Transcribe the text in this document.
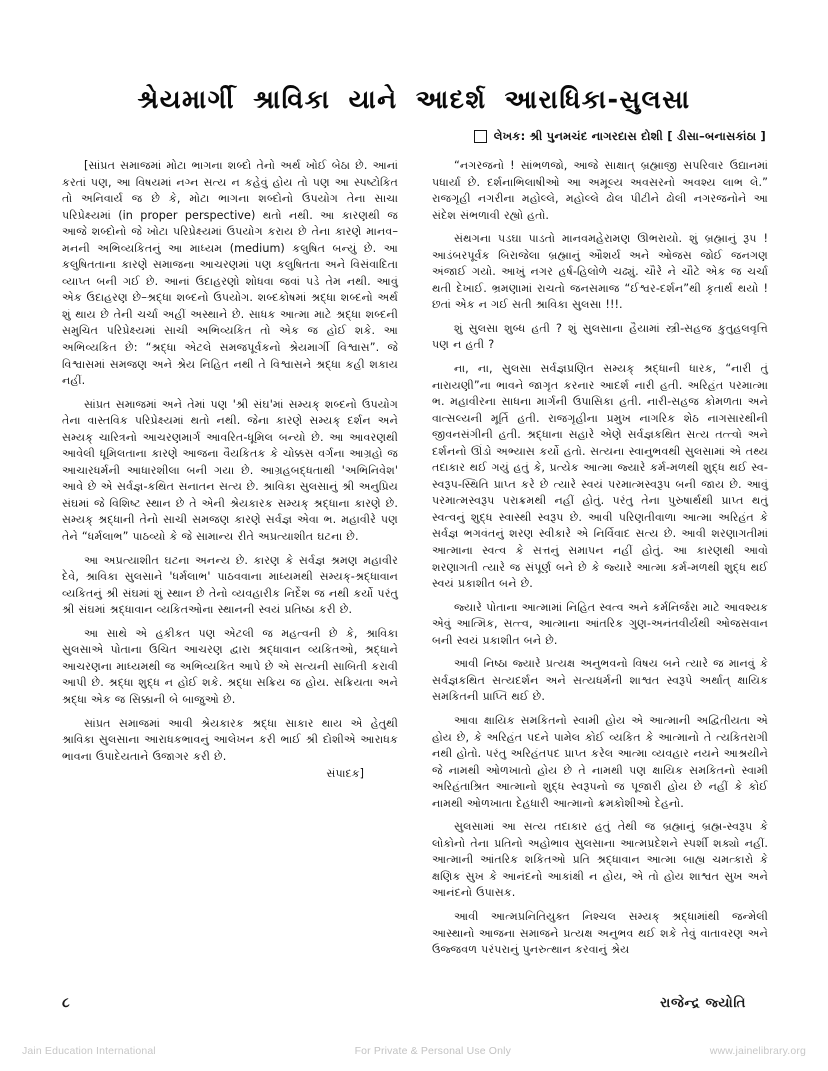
શ્રેયમાર્ગી શ્રાવિકા યાને આદર્શ આરાધિકા-સુલસા
લેખક: શ્રી પુનમચંદ નાગરદાસ દોશી [ ડીસા–બનાસકાંઠા ]

[સાંપ્રત સમાજમાં મોટા ભાગના શબ્દો તેનો અર્થ ખોઈ બેઠા છે. આનાં કરતાં પણ, આ વિષયમાં નગ્ન સત્ય ન કહેવું હોય તો પણ આ સ્પષ્ટોકિત તો અનિવાર્ય જ છે કે, મોટા ભાગના શબ્દોનો ઉપયોગ તેના સાચા પરિપ્રેક્ષ્યમાં (in proper perspective) થતો નથી. આ કારણથી જ આજે શબ્દોનો જે ખોટા પરિપ્રેક્ષ્યમાં ઉપયોગ કરાય છે તેના કારણે માનવ–મનની અભિવ્યકિતનું આ માધ્યમ (medium) કલુષિત બન્યું છે. આ કલુષિતતાના કારણે સમાજના આચરણમાં પણ કલુષિતતા અને વિસંવાદિતા વ્યાપ્ત બની ગઈ છે. આનાં ઉદાહરણો શોધવા જવાં પડે તેમ નથી. આવું એક ઉદાહરણ છે–શ્રદ્ધા શબ્દનો ઉપયોગ. શબ્દકોષમાં શ્રદ્ધા શબ્દનો અર્થ શું થાય છે તેની ચર્ચા અહીં અસ્થાને છે. સાધક આત્મા માટે શ્રદ્ધા શબ્દની સમુચિત પરિપ્રેક્ષ્યમાં સાચી અભિવ્યકિત તો એક જ હોઈ શકે. આ અભિવ્યકિત છે: “શ્રદ્ધા એટલે સમજપૂર્વકનો શ્રેયમાર્ગી વિશ્વાસ”. જે વિશ્વાસમાં સમજણ અને શ્રેય નિહિત નથી તે વિશ્વાસને શ્રદ્ધા કહી શકાય નહીં.

સાંપ્રત સમાજમાં અને તેમાં પણ 'શ્રી સંઘ'માં સમ્યક્ શબ્દનો ઉપયોગ તેના વાસ્તવિક પરિપ્રેક્ષ્યમાં થતો નથી. જેના કારણે સમ્યક્ દર્શન અને સમ્યક્ ચારિત્રનો આચરણમાર્ગ આવરિત-ધૂમિલ બન્યો છે. આ આવરણથી આવેલી ધૂમિલતાના કારણે આજના વૈયકિતક કે ચોક્કસ વર્ગના આગ્રહો જ આચારધર્મની આધારશીલા બની ગયા છે. આગ્રહબદ્ધતાથી 'અભિનિવેશ' આવે છે એ સર્વજ્ઞ-કથિત સનાતન સત્ય છે. શ્રાવિકા સુલસાનું શ્રી અનુપ્રિય સંઘમાં જે વિશિષ્ટ સ્થાન છે તે એની શ્રેયકારક સમ્યક્ શ્રદ્ધાના કારણે છે. સમ્યક્ શ્રદ્ધાની તેનો સાચી સમજણ કારણે સર્વજ્ઞ એવા ભ. મહાવીરે પણ તેને “ધર્મલાભ” પાઠવ્યો કે જે સામાન્ય રીતે અપ્રત્યાશીત ઘટના છે.

આ અપ્રત્યાશીત ઘટના અનન્ય છે. કારણ કે સર્વજ્ઞ શ્રમણ મહાવીર દેવે, શ્રાવિકા સુલસાને 'ધર્મલાભ' પાઠવવાના માધ્યમથી સમ્યક્-શ્રદ્ધાવાન વ્યકિતનું શ્રી સંઘમાં શું સ્થાન છે તેનો વ્યવહારીક નિર્દેશ જ નથી કર્યો પરંતુ શ્રી સંઘમાં શ્રદ્ધાવાન વ્યકિતઓના સ્થાનની સ્વયં પ્રતિષ્ઠા કરી છે.

આ સાથે એ હકીકત પણ એટલી જ મહત્વની છે કે, શ્રાવિકા સુલસાએ પોતાના ઉચિત આચરણ દ્વારા શ્રદ્ધાવાન વ્યકિતઓ, શ્રદ્ધાને આચરણના માધ્યમથી જ અભિવ્યકિત આપે છે એ સત્યની સાબિતી કરાવી આપી છે. શ્રદ્ધા શુદ્ધ ન હોઈ શકે. શ્રદ્ધા સક્રિય જ હોય. સક્રિયતા અને શ્રદ્ધા એક જ સિક્કાની બે બાજુઓ છે.

સાંપ્રત સમાજમાં આવી શ્રેયકારક શ્રદ્ધા સાકાર થાય એ હેતુથી શ્રાવિકા સુલસાના આરાધકભાવનું આલેખન કરી ભાઈ શ્રી દોશીએ આરાધક ભાવના ઉપાદેયતાને ઉજાગર કરી છે.

સંપાદક]

“નગરજનો ! સાંભળજો, આજે સાક્ષાત્ બ્રહ્માજી સપરિવાર ઉદ્યાનમાં પધાર્યા છે. દર્શનાભિલાષીઓ આ અમૂલ્ય અવસરનો અવશ્ય લાભ લે.” રાજગૃહી નગરીના મહોલ્લે, મહોલ્લે ઢોલ પીટીને ઢોલી નગરજનોને આ સંદેશ સંભળાવી રહ્યો હતો.

સંથગના પડઘા પાડતો માનવમહેરામણ ઊભરાયો. શું બ્રહ્માનું રૂપ ! આડંબરપૂર્વક બિરાજેલા બ્રહ્માનું ઔશર્ય અને ઓજસ જોઈ જનગણ અંજાઈ ગયો. આખું નગર હર્ષ-હિલોળે ચઢ્યું. ચૌરે ને ચૌટે એક જ ચર્ચા થતી દેખાઈ. ભ્રમણામાં રાચતો જનસમાજ “ઈશ્વર-દર્શન”થી કૃતાર્થ થયો ! છતાં એક ન ગઈ સતી શ્રાવિકા સુલસા !!!.

શું સુલસા શુબ્ધ હતી ? શું સુલસાના હૈયામાં સ્ત્રી-સહજ કુતુહલવૃત્તિ પણ ન હતી ?

ના, ના, સુલસા સર્વજ્ઞપ્રણિત સમ્યક્ શ્રદ્ધાની ધારક, “નારી તું નારાયણી”ના ભાવને જાગૃત કરનાર આદર્શ નારી હતી. અરિહંત પરમાત્મા ભ. મહાવીરના સાધના માર્ગની ઉપાસિકા હતી. નારી-સહજ કોમળતા અને વાત્સલ્યની મૂર્તિ હતી. રાજગૃહીના પ્રમુખ નાગરિક શેઠ નાગસારથીની જીવનસંગીની હતી. શ્રદ્ધાના સહારે એણે સર્વજ્ઞકથિત સત્ય તત્ત્વો અને દર્શનનો ઊંડો અભ્યાસ કર્યો હતો. સત્યના સ્વાનુભવથી સુલસામાં એ તથ્ય તદાકાર થઈ ગયું હતું કે, પ્રત્યેક આત્મા જ્યારે કર્મ-મળથી શુદ્ધ થઈ સ્વ-સ્વરૂપ-સ્થિતિ પ્રાપ્ત કરે છે ત્યારે સ્વયં પરમાત્મસ્વરૂપ બની જાય છે. આવું પરમાત્મસ્વરૂપ પરાક્રમથી નહીં હોતું. પરંતુ તેના પુરુષાર્થથી પ્રાપ્ત થતું સ્વત્વનું શુદ્ધ સ્વાસ્થી સ્વરૂપ છે. આવી પરિણતીવાળા આત્મા અરિહંત કે સર્વજ્ઞ ભગવંતનું શરણ સ્વીકારે એ નિર્વિવાદ સત્ય છે. આવી શરણાગતીમાં આત્માના સ્વત્વ કે સત્તનું સમાપન નહીં હોતું. આ કારણથી આવો શરણાગતી ત્યારે જ સંપૂર્ણ બને છે કે જ્યારે આત્મા કર્મ-મળથી શુદ્ધ થઈ સ્વયં પ્રકાશીત બને છે.

જ્યારે પોતાના આત્મામાં નિહિત સ્વત્વ અને કર્મનિર્જરા માટે આવશ્યક એવું આત્મિક, સત્ત્વ, આત્માના આંતરિક ગુણ-અનંતવીર્યથી ઓજસવાન બની સ્વયં પ્રકાશીત બને છે.

આવી નિષ્ઠા જ્યારે પ્રત્યક્ષ અનુભવનો વિષય બને ત્યારે જ માનવું કે સર્વજ્ઞકથિત સત્યદર્શન અને સત્યધર્મની શાશ્વત સ્વરૂપે અર્થાત્ ક્ષાયિક સમકિતની પ્રાપ્તિ થઈ છે.

આવા ક્ષાયિક સમકિતનો સ્વામી હોય એ આત્માની અદ્વિતીયતા એ હોય છે, કે અરિહંત પદને પામેલ કોઈ વ્યકિત કે આત્માનો તે ત્યકિતરાગી નથી હોતો. પરંતુ અરિહંતપદ પ્રાપ્ત કરેલ આત્મા વ્યવહાર નયને આશ્રયીને જે નામથી ઓળખાતો હોય છે તે નામથી પણ ક્ષાયિક સમકિતનો સ્વામી અરિહંતાશ્રિત આત્માનો શુદ્ધ સ્વરૂપનો જ પૂજારી હોય છે નહીં કે કોઈ નામથી ઓળખાતા દેહધારી આત્માનો ક્રમકોશીઓ દેહનો.

સુલસામાં આ સત્ય તદાકાર હતું તેથી જ બ્રહ્માનું બ્રહ્મ-સ્વરૂપ કે લોકોનો તેના પ્રતિનો અહોભાવ સુલસાના આત્મપ્રદેશને સ્પર્શી શક્યો નહીં. આત્માની આંતરિક શકિતઓ પ્રતિ શ્રદ્ધાવાન આત્મા બાહ્ય ચમત્કારો કે ક્ષણિક સુખ કે આનંદનો આકાંક્ષી ન હોય, એ તો હોય શાશ્વત સુખ અને આનંદનો ઉપાસક.

આવી આત્મપ્રનિતિયુક્ત નિશ્ચલ સમ્યક્ શ્રદ્ધામાંથી જન્મેલી આસ્થાનો આજના સમાજને પ્રત્યક્ષ અનુભવ થઈ શકે તેવું વાતાવરણ અને ઉજ્જવળ પરંપરાનું પુનરુત્થાન કરવાનું શ્રેય

૮	રાજેન્દ્ર જ્યોતિ
Jain Education International	For Private & Personal Use Only	www.jainelibrary.org
